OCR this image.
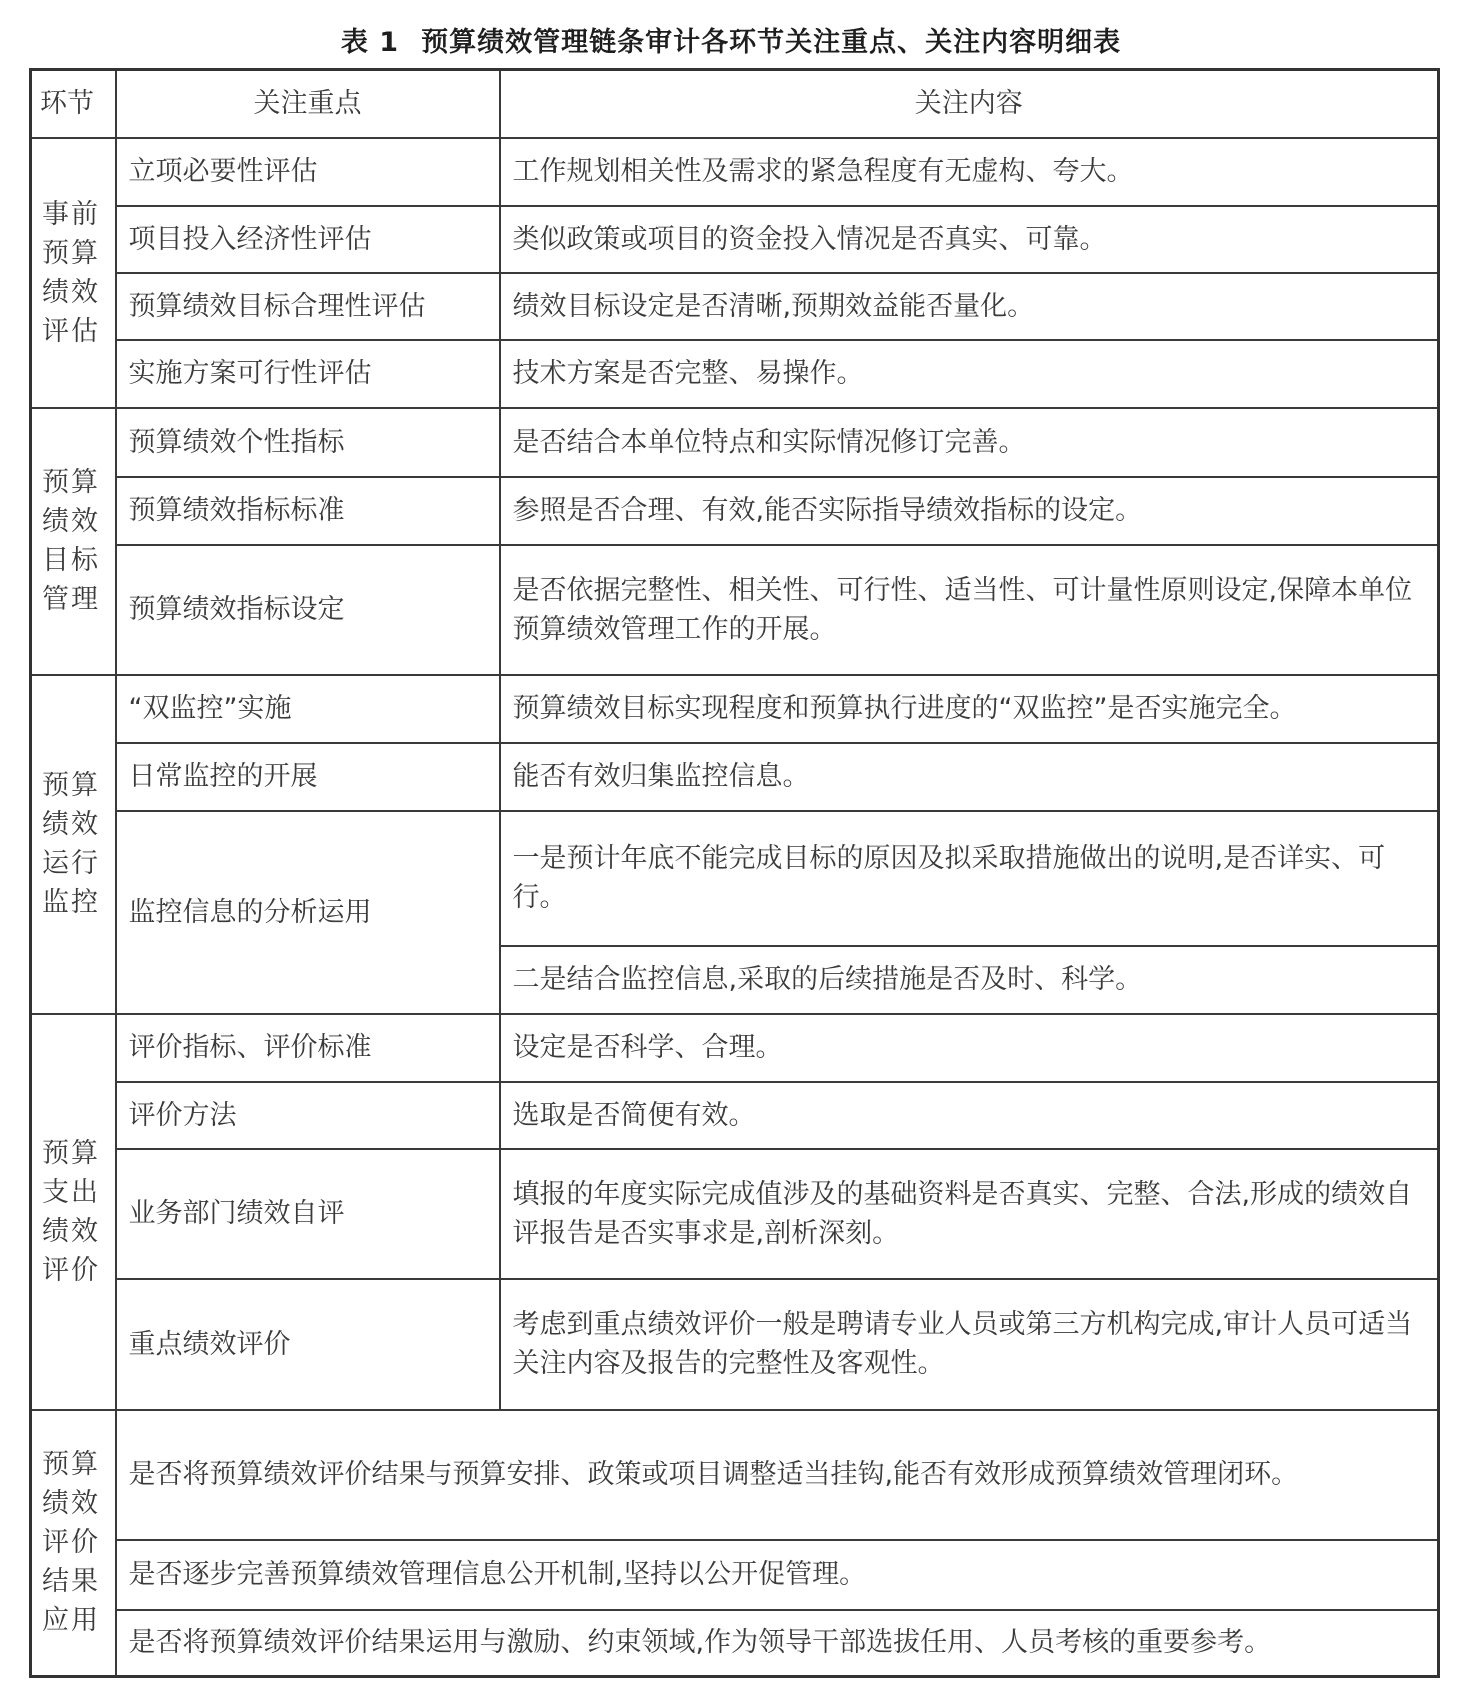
表 1 预算绩效管理链条审计各环节关注重点、关注内容明细表
环节	关注重点	关注内容

事前预算绩效评估	立项必要性评估	工作规划相关性及需求的紧急程度有无虚构、夸大。
	项目投入经济性评估	类似政策或项目的资金投入情况是否真实、可靠。
	预算绩效目标合理性评估	绩效目标设定是否清晰,预期效益能否量化。
	实施方案可行性评估	技术方案是否完整、易操作。

预算绩效目标管理	预算绩效个性指标	是否结合本单位特点和实际情况修订完善。
	预算绩效指标标准	参照是否合理、有效,能否实际指导绩效指标的设定。
	预算绩效指标设定	是否依据完整性、相关性、可行性、适当性、可计量性原则设定,保障本单位预算绩效管理工作的开展。

预算绩效运行监控	“双监控”实施	预算绩效目标实现程度和预算执行进度的“双监控”是否实施完全。
	日常监控的开展	能否有效归集监控信息。
	监控信息的分析运用	一是预计年底不能完成目标的原因及拟采取措施做出的说明,是否详实、可行。
		二是结合监控信息,采取的后续措施是否及时、科学。

预算支出绩效评价	评价指标、评价标准	设定是否科学、合理。
	评价方法	选取是否简便有效。
	业务部门绩效自评	填报的年度实际完成值涉及的基础资料是否真实、完整、合法,形成的绩效自评报告是否实事求是,剖析深刻。
	重点绩效评价	考虑到重点绩效评价一般是聘请专业人员或第三方机构完成,审计人员可适当关注内容及报告的完整性及客观性。

预算绩效评价结果应用	是否将预算绩效评价结果与预算安排、政策或项目调整适当挂钩,能否有效形成预算绩效管理闭环。	
	是否逐步完善预算绩效管理信息公开机制,坚持以公开促管理。	
	是否将预算绩效评价结果运用与激励、约束领域,作为领导干部选拔任用、人员考核的重要参考。	
